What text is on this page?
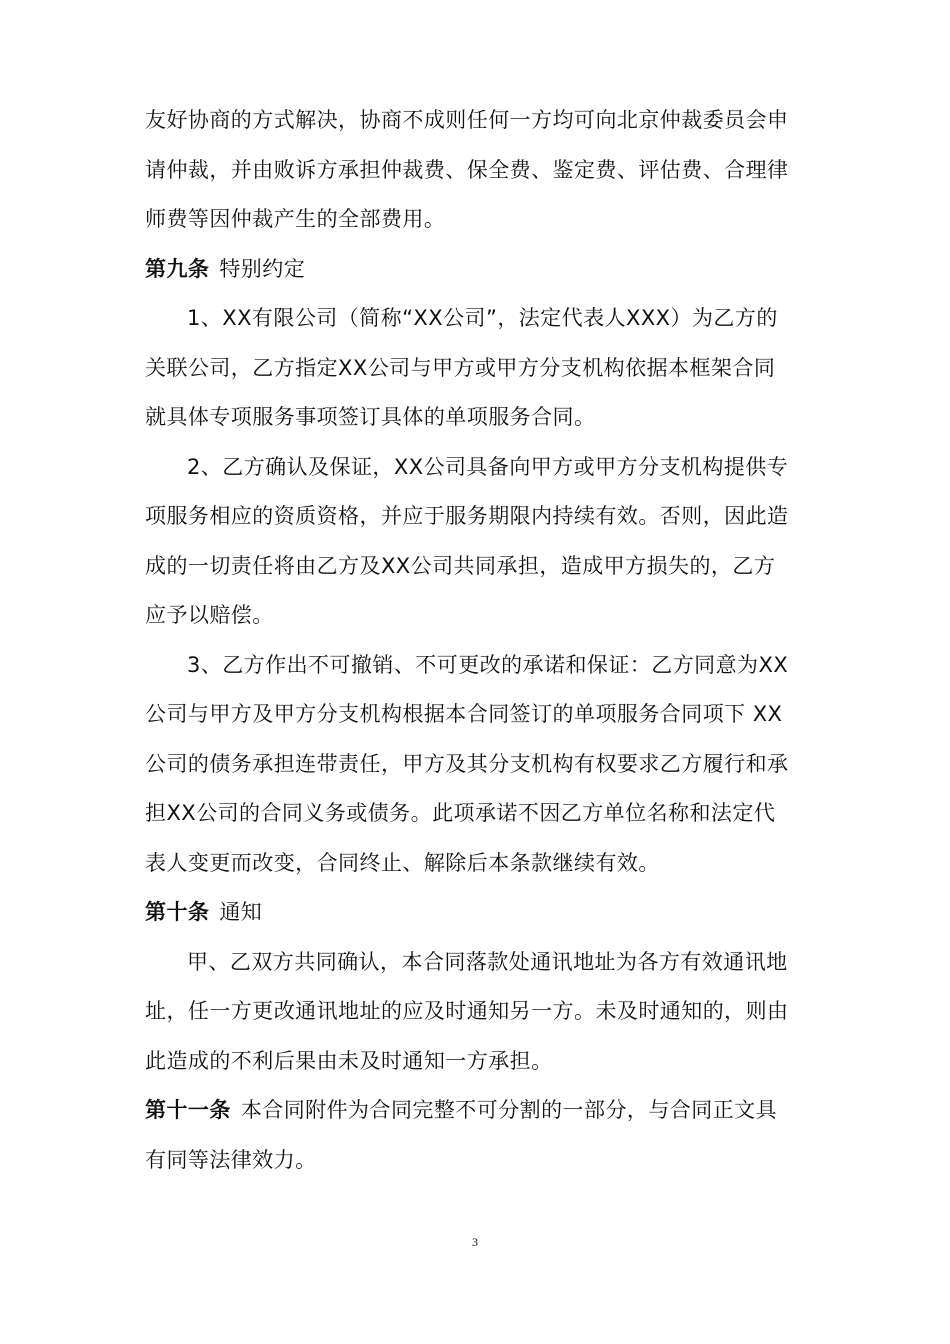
友好协商的方式解决，协商不成则任何一方均可向北京仲裁委员会申
请仲裁，并由败诉方承担仲裁费、保全费、鉴定费、评估费、合理律
师费等因仲裁产生的全部费用。
第九条 特别约定
1、XX有限公司（简称“XX公司”，法定代表人XXX）为乙方的
关联公司，乙方指定XX公司与甲方或甲方分支机构依据本框架合同
就具体专项服务事项签订具体的单项服务合同。
2、乙方确认及保证，XX公司具备向甲方或甲方分支机构提供专
项服务相应的资质资格，并应于服务期限内持续有效。否则，因此造
成的一切责任将由乙方及XX公司共同承担，造成甲方损失的，乙方
应予以赔偿。
3、乙方作出不可撤销、不可更改的承诺和保证：乙方同意为XX
公司与甲方及甲方分支机构根据本合同签订的单项服务合同项下 XX
公司的债务承担连带责任，甲方及其分支机构有权要求乙方履行和承
担XX公司的合同义务或债务。此项承诺不因乙方单位名称和法定代
表人变更而改变，合同终止、解除后本条款继续有效。
第十条 通知
甲、乙双方共同确认，本合同落款处通讯地址为各方有效通讯地
址，任一方更改通讯地址的应及时通知另一方。未及时通知的，则由
此造成的不利后果由未及时通知一方承担。
第十一条 本合同附件为合同完整不可分割的一部分，与合同正文具
有同等法律效力。
3
